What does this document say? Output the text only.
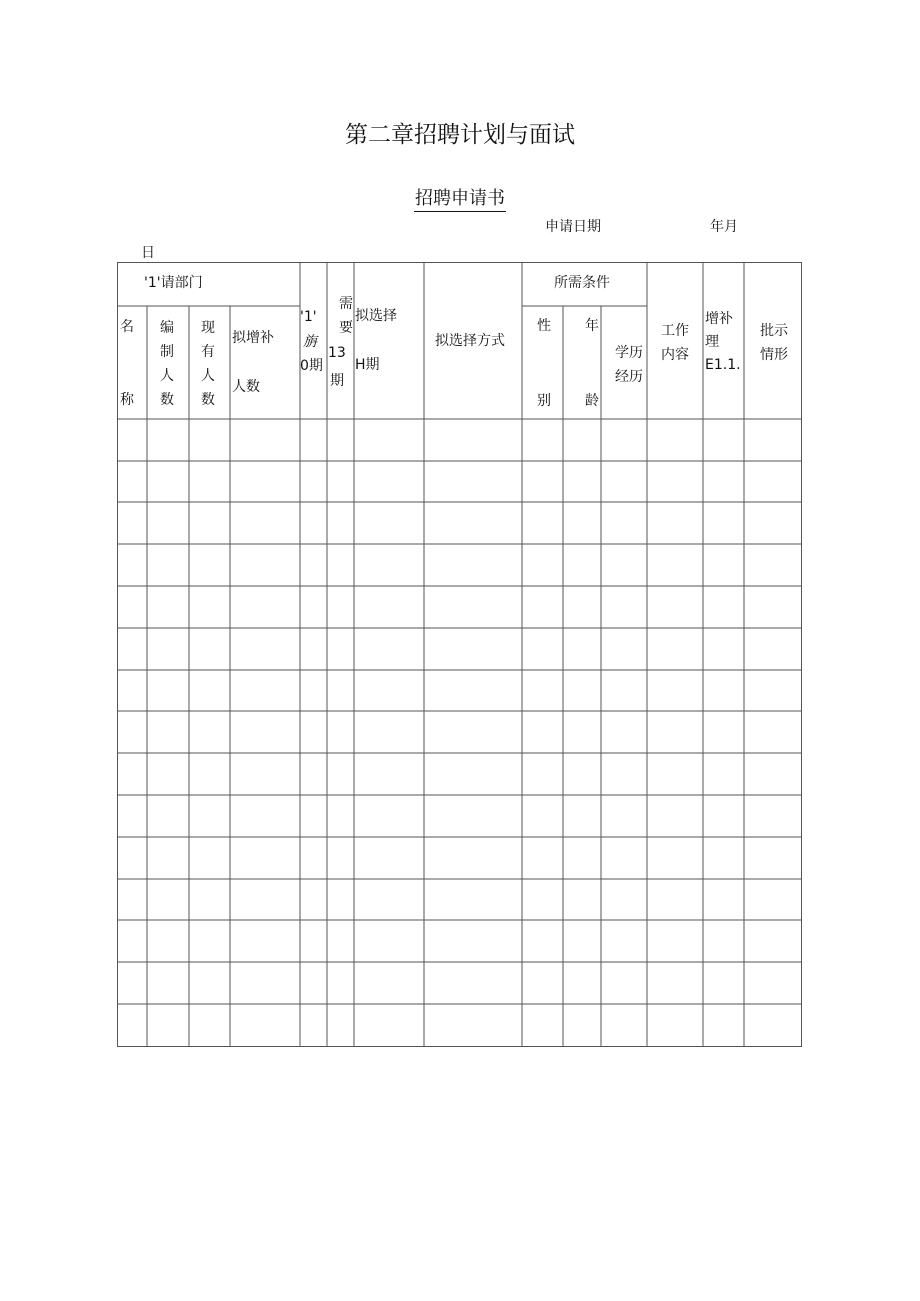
第二章招聘计划与面试
招聘申请书
申请日期	年月
日
'1'请部门	所需条件
名
称
编
制
人
数
现
有
人
数
拟增补
人数
'1'
旃
0期
需
要
13
期
拟选择
H期
拟选择方式
性
别
年
龄
学历
经历
工作
内容
增补
理
E1.1.
批示
情形
